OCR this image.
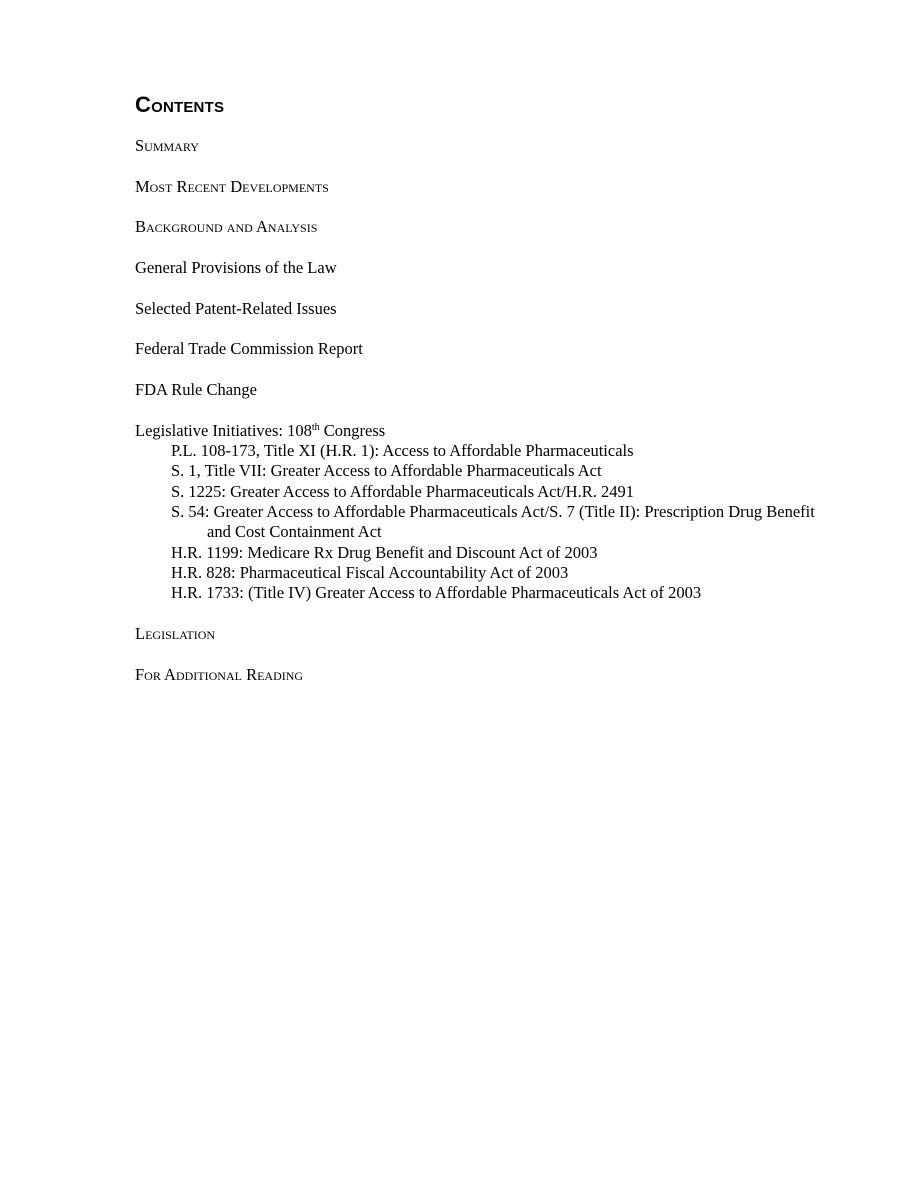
Contents
Summary
Most Recent Developments
Background and Analysis
General Provisions of the Law
Selected Patent-Related Issues
Federal Trade Commission Report
FDA Rule Change
Legislative Initiatives: 108th Congress
P.L. 108-173, Title XI (H.R. 1): Access to Affordable Pharmaceuticals
S. 1, Title VII: Greater Access to Affordable Pharmaceuticals Act
S. 1225: Greater Access to Affordable Pharmaceuticals Act/H.R. 2491
S. 54: Greater Access to Affordable Pharmaceuticals Act/S. 7 (Title II): Prescription Drug Benefit and Cost Containment Act
H.R. 1199: Medicare Rx Drug Benefit and Discount Act of 2003
H.R. 828: Pharmaceutical Fiscal Accountability Act of 2003
H.R. 1733: (Title IV) Greater Access to Affordable Pharmaceuticals Act of 2003
Legislation
For Additional Reading
